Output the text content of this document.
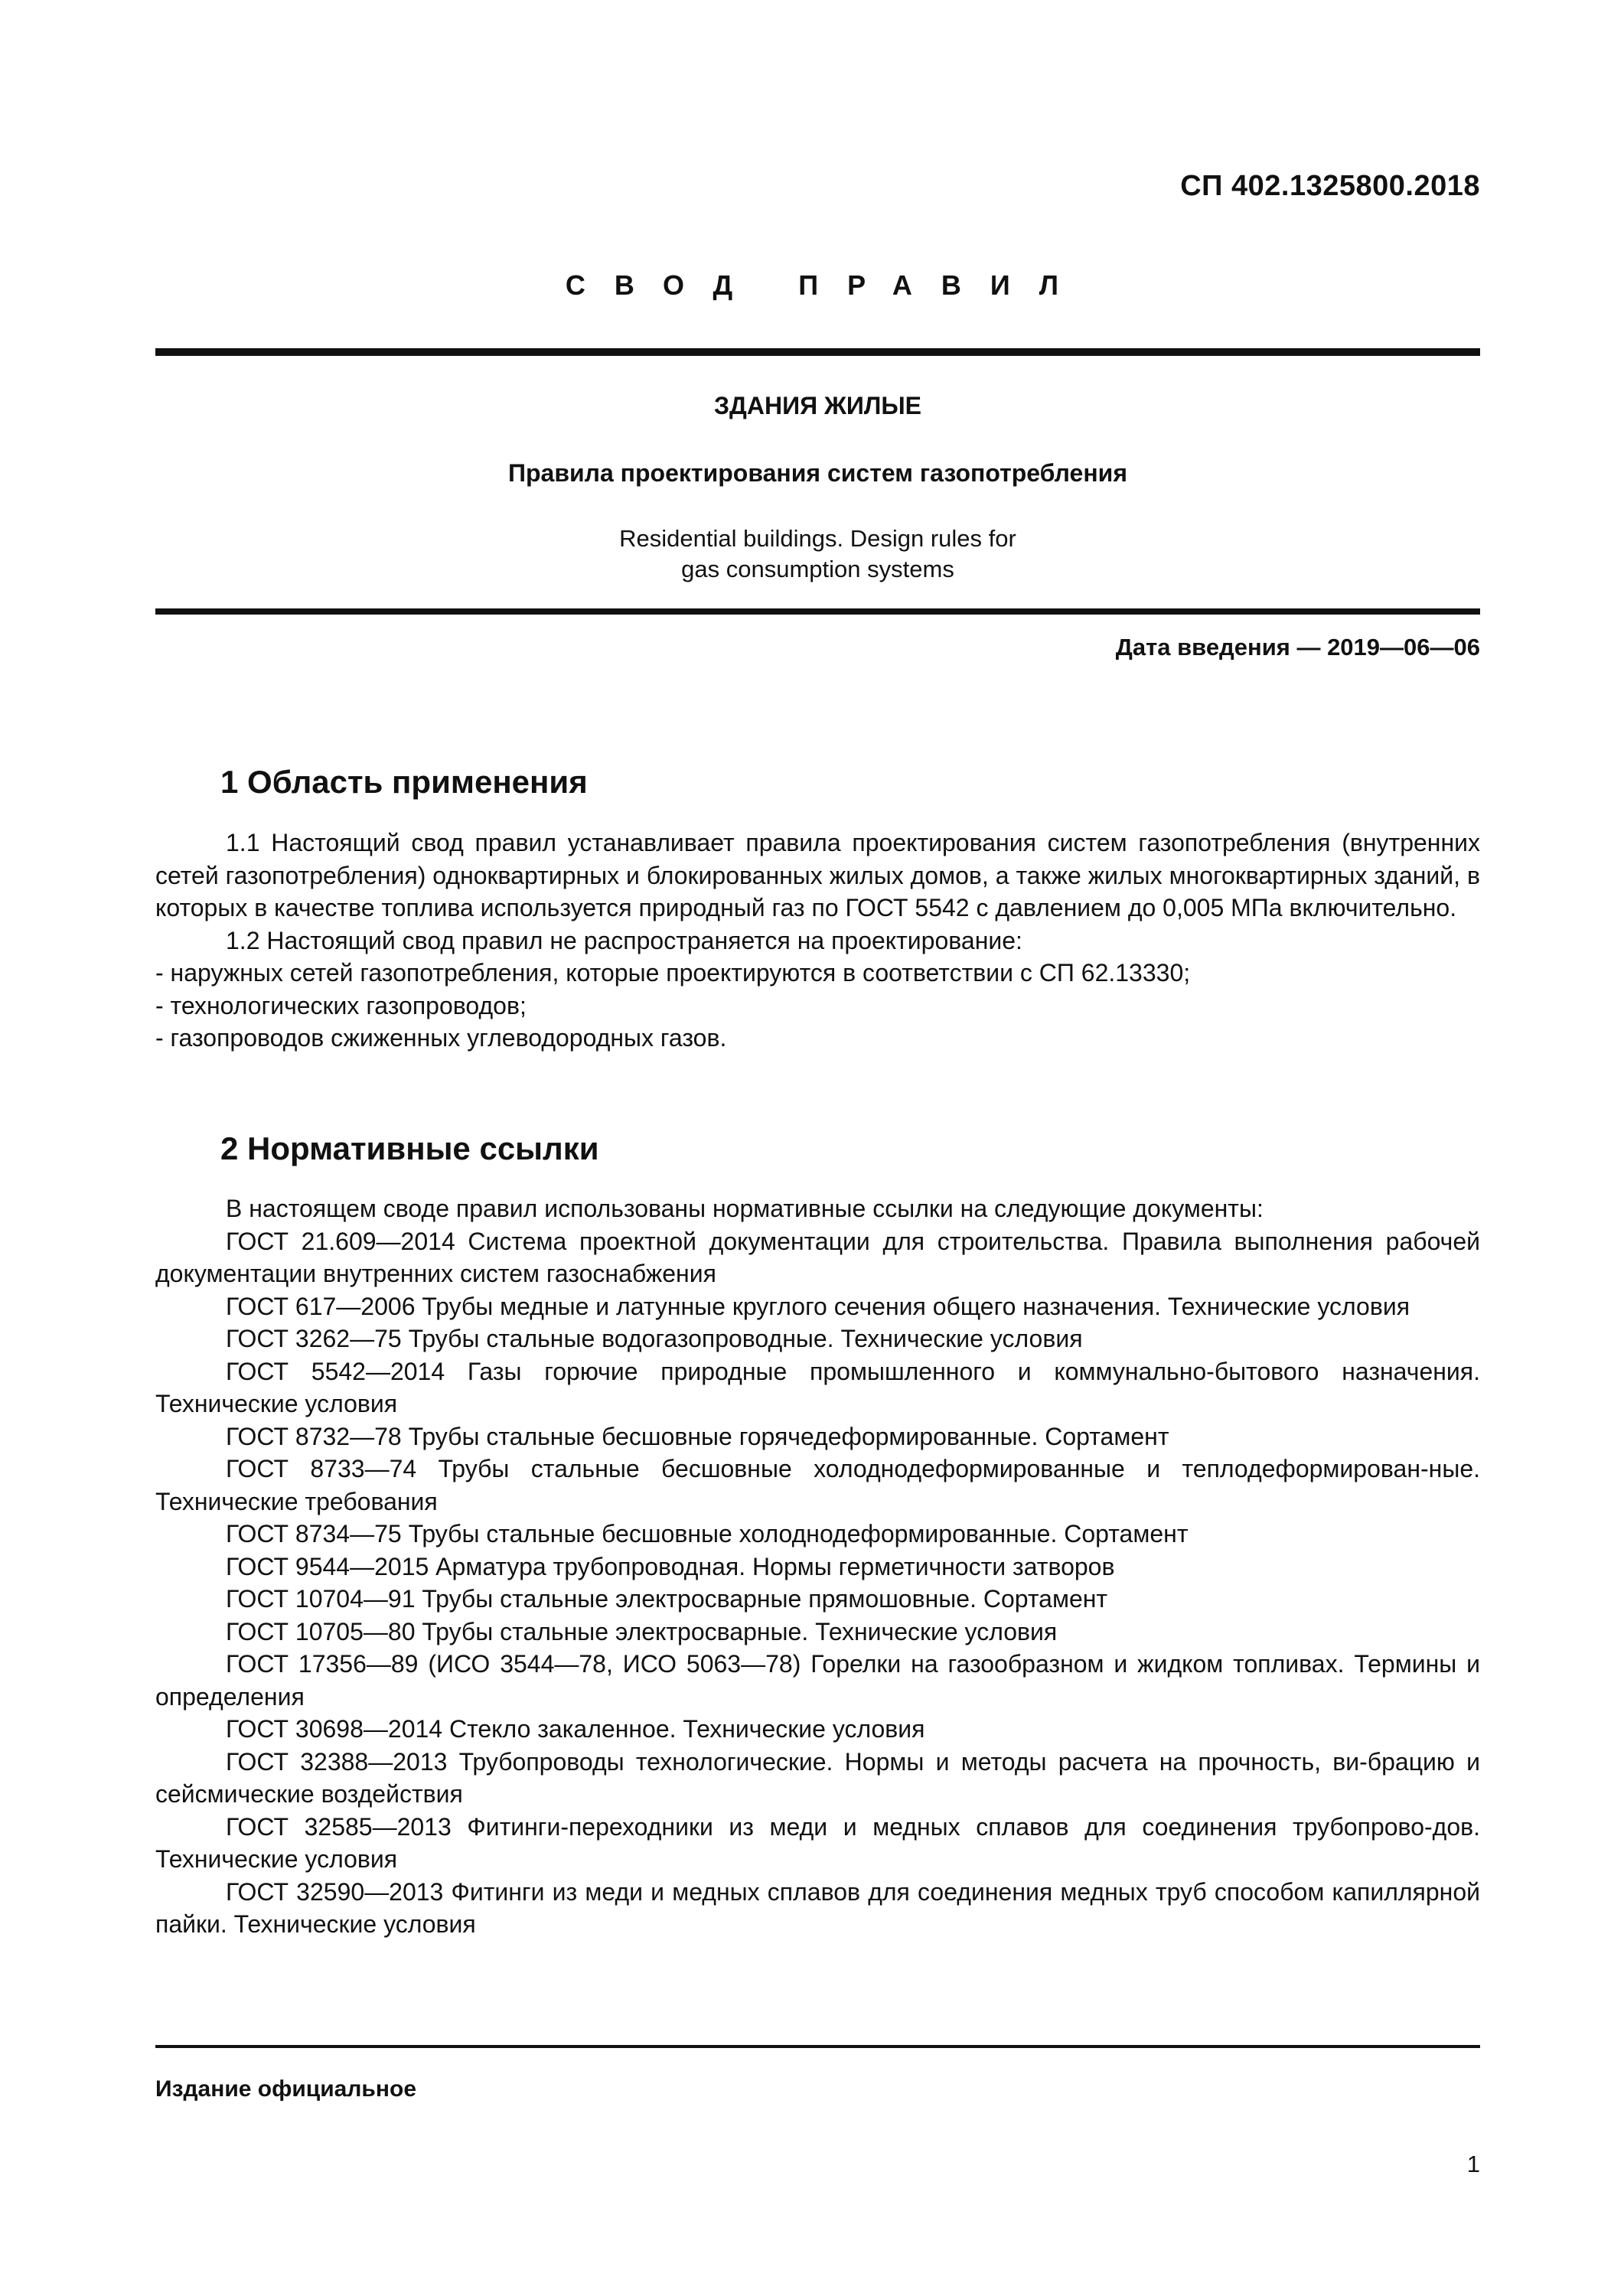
СП 402.1325800.2018
СВОД ПРАВИЛ
ЗДАНИЯ ЖИЛЫЕ
Правила проектирования систем газопотребления
Residential buildings. Design rules for
gas consumption systems
Дата введения — 2019—06—06
1 Область применения

1.1 Настоящий свод правил устанавливает правила проектирования систем газопотребления (внутренних сетей газопотребления) одноквартирных и блокированных жилых домов, а также жилых многоквартирных зданий, в которых в качестве топлива используется природный газ по ГОСТ 5542 с давлением до 0,005 МПа включительно.

1.2 Настоящий свод правил не распространяется на проектирование:

- наружных сетей газопотребления, которые проектируются в соответствии с СП 62.13330;

- технологических газопроводов;

- газопроводов сжиженных углеводородных газов.

2 Нормативные ссылки

В настоящем своде правил использованы нормативные ссылки на следующие документы:

ГОСТ 21.609—2014 Система проектной документации для строительства. Правила выполнения рабочей документации внутренних систем газоснабжения

ГОСТ 617—2006 Трубы медные и латунные круглого сечения общего назначения. Технические условия

ГОСТ 3262—75 Трубы стальные водогазопроводные. Технические условия

ГОСТ 5542—2014 Газы горючие природные промышленного и коммунально-бытового назначения. Технические условия

ГОСТ 8732—78 Трубы стальные бесшовные горячедеформированные. Сортамент

ГОСТ 8733—74 Трубы стальные бесшовные холоднодеформированные и теплодеформирован-ные. Технические требования

ГОСТ 8734—75 Трубы стальные бесшовные холоднодеформированные. Сортамент

ГОСТ 9544—2015 Арматура трубопроводная. Нормы герметичности затворов

ГОСТ 10704—91 Трубы стальные электросварные прямошовные. Сортамент

ГОСТ 10705—80 Трубы стальные электросварные. Технические условия

ГОСТ 17356—89 (ИСО 3544—78, ИСО 5063—78) Горелки на газообразном и жидком топливах. Термины и определения

ГОСТ 30698—2014 Стекло закаленное. Технические условия

ГОСТ 32388—2013 Трубопроводы технологические. Нормы и методы расчета на прочность, ви-брацию и сейсмические воздействия

ГОСТ 32585—2013 Фитинги-переходники из меди и медных сплавов для соединения трубопрово-дов. Технические условия

ГОСТ 32590—2013 Фитинги из меди и медных сплавов для соединения медных труб способом капиллярной пайки. Технические условия

Издание официальное
1
